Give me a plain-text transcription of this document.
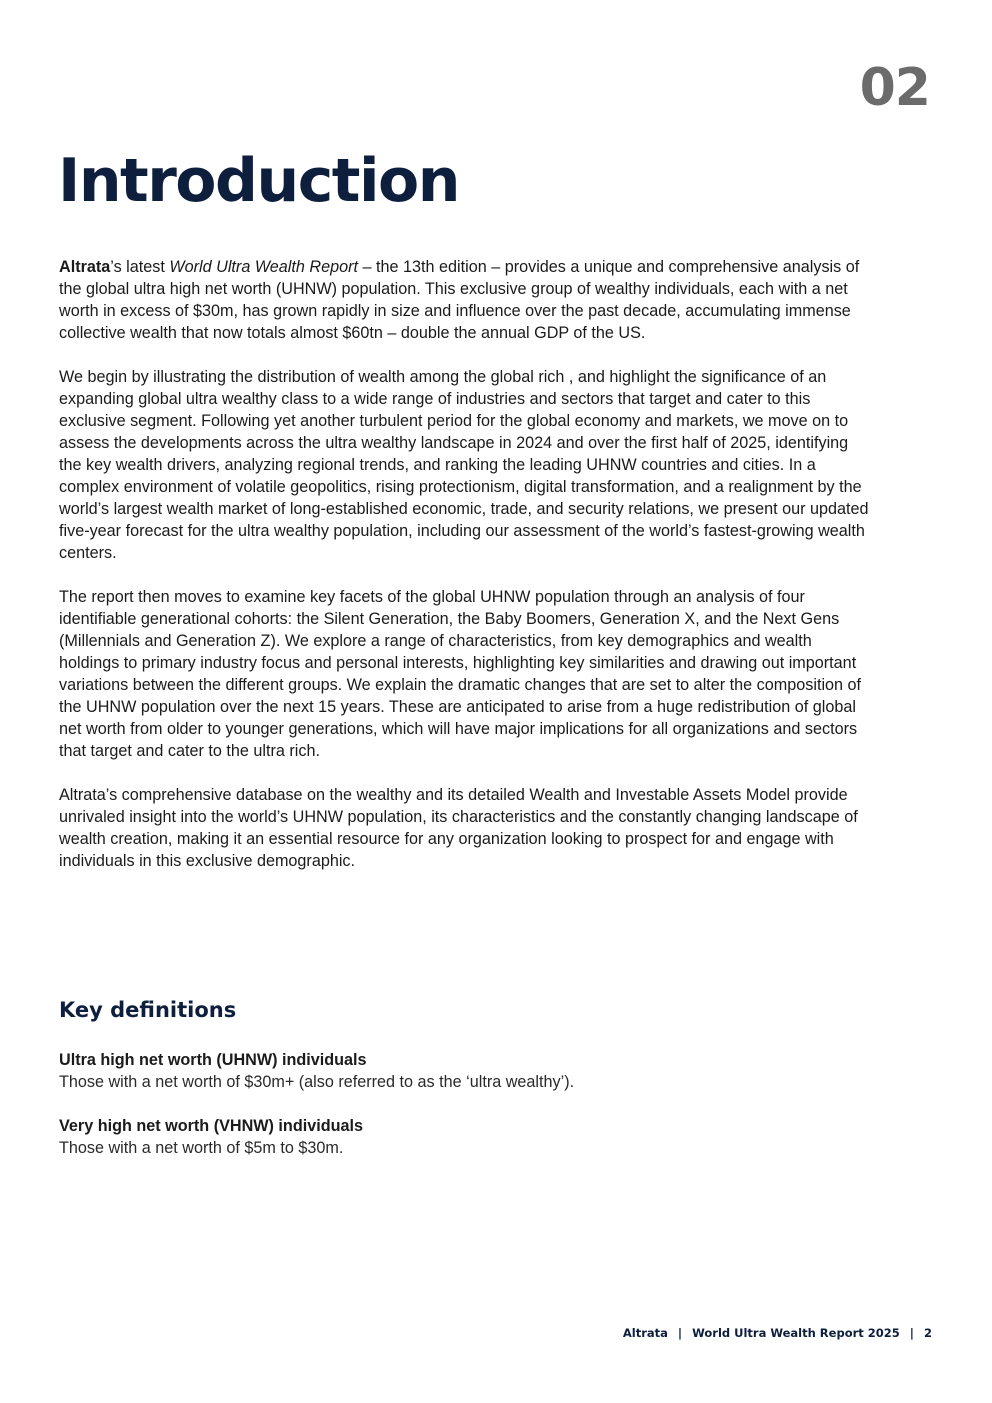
02
Introduction

Altrata’s latest World Ultra Wealth Report – the 13th edition – provides a unique and comprehensive analysis of the global ultra high net worth (UHNW) population. This exclusive group of wealthy individuals, each with a net worth in excess of $30m, has grown rapidly in size and influence over the past decade, accumulating immense collective wealth that now totals almost $60tn – double the annual GDP of the US.

We begin by illustrating the distribution of wealth among the global rich , and highlight the significance of an expanding global ultra wealthy class to a wide range of industries and sectors that target and cater to this exclusive segment. Following yet another turbulent period for the global economy and markets, we move on to assess the developments across the ultra wealthy landscape in 2024 and over the first half of 2025, identifying the key wealth drivers, analyzing regional trends, and ranking the leading UHNW countries and cities. In a complex environment of volatile geopolitics, rising protectionism, digital transformation, and a realignment by the world’s largest wealth market of long-established economic, trade, and security relations, we present our updated five-year forecast for the ultra wealthy population, including our assessment of the world’s fastest-growing wealth centers.

The report then moves to examine key facets of the global UHNW population through an analysis of four identifiable generational cohorts: the Silent Generation, the Baby Boomers, Generation X, and the Next Gens (Millennials and Generation Z). We explore a range of characteristics, from key demographics and wealth holdings to primary industry focus and personal interests, highlighting key similarities and drawing out important variations between the different groups. We explain the dramatic changes that are set to alter the composition of the UHNW population over the next 15 years. These are anticipated to arise from a huge redistribution of global net worth from older to younger generations, which will have major implications for all organizations and sectors that target and cater to the ultra rich.

Altrata’s comprehensive database on the wealthy and its detailed Wealth and Investable Assets Model provide unrivaled insight into the world’s UHNW population, its characteristics and the constantly changing landscape of wealth creation, making it an essential resource for any organization looking to prospect for and engage with individuals in this exclusive demographic.

Key definitions
Ultra high net worth (UHNW) individuals
Those with a net worth of $30m+ (also referred to as the ‘ultra wealthy’).
Very high net worth (VHNW) individuals
Those with a net worth of $5m to $30m.
Altrata | World Ultra Wealth Report 2025 | 2
